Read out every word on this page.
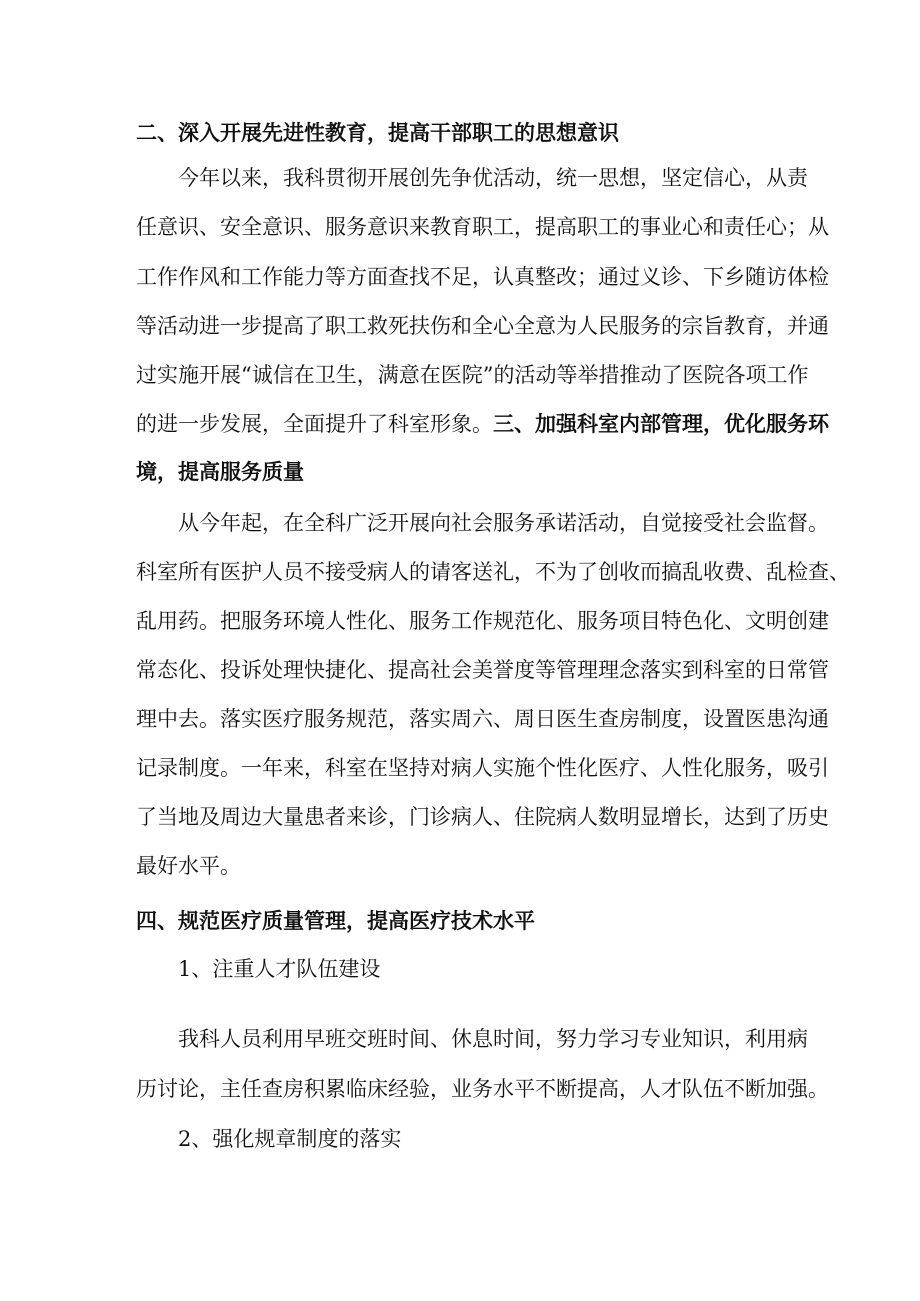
二、深入开展先进性教育，提高干部职工的思想意识
今年以来，我科贯彻开展创先争优活动，统一思想，坚定信心，从责
任意识、安全意识、服务意识来教育职工，提高职工的事业心和责任心；从
工作作风和工作能力等方面查找不足，认真整改；通过义诊、下乡随访体检
等活动进一步提高了职工救死扶伤和全心全意为人民服务的宗旨教育，并通
过实施开展“诚信在卫生，满意在医院”的活动等举措推动了医院各项工作
的进一步发展，全面提升了科室形象。三、加强科室内部管理，优化服务环
境，提高服务质量
从今年起，在全科广泛开展向社会服务承诺活动，自觉接受社会监督。
科室所有医护人员不接受病人的请客送礼，不为了创收而搞乱收费、乱检查、
乱用药。把服务环境人性化、服务工作规范化、服务项目特色化、文明创建
常态化、投诉处理快捷化、提高社会美誉度等管理理念落实到科室的日常管
理中去。落实医疗服务规范，落实周六、周日医生查房制度，设置医患沟通
记录制度。一年来，科室在坚持对病人实施个性化医疗、人性化服务，吸引
了当地及周边大量患者来诊，门诊病人、住院病人数明显增长，达到了历史
最好水平。
四、规范医疗质量管理，提高医疗技术水平
1、注重人才队伍建设
我科人员利用早班交班时间、休息时间，努力学习专业知识，利用病
历讨论，主任查房积累临床经验，业务水平不断提高，人才队伍不断加强。
2、强化规章制度的落实
